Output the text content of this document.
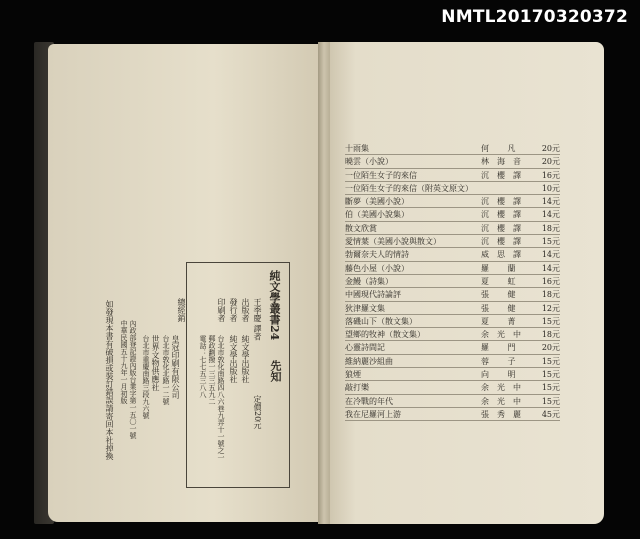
NMTL20170320372
純文學叢書24
先知
王季慶 譯者
定價20元
出版者
純文學出版社
發行者
純文學出版社
台北市敦化南路四八六巷九弄十一號之一
郵政劃撥一三三五九二
電話：七七五三八八
印刷者
皇冠印刷有限公司
台北市敦化北路一二號
總經銷
世界文物供應社
台北市重慶南路三段九六號
內政部登記證內版台業字第一五〇一號
中華民國五十九年一月初版
如發現本書有破損或裝訂錯誤請寄回本社掉換
十雨集	何 凡 20元
曉雲（小說）	林海音 20元
一位陌生女子的來信	沉櫻譯 16元
一位陌生女子的來信（附英文原文）	10元
斷夢（美國小說）	沉櫻譯 14元
伯（美國小說集）	沉櫻譯 14元
散文欣賞	沉櫻譯 18元
愛情葉（美國小說與散文）	沉櫻譯 15元
勃爾奈夫人的情詩	威思譯 14元
藤色小屋（小說）	羅 蘭 14元
金鰻（詩集）	夏 虹 16元
中國現代詩論評	張 健 18元
狄津羅文集	張 健 12元
落磯山下（散文集）	夏 菁 15元
望鄉的牧神（散文集）	余光中 18元
心靈詩間記	羅 門 20元
維納麗沙組曲	蓉 子 15元
狼煙	向 明 15元
敲打樂	余光中 15元
在冷戰的年代	余光中 15元
我在尼羅河上游	張秀麗 45元
